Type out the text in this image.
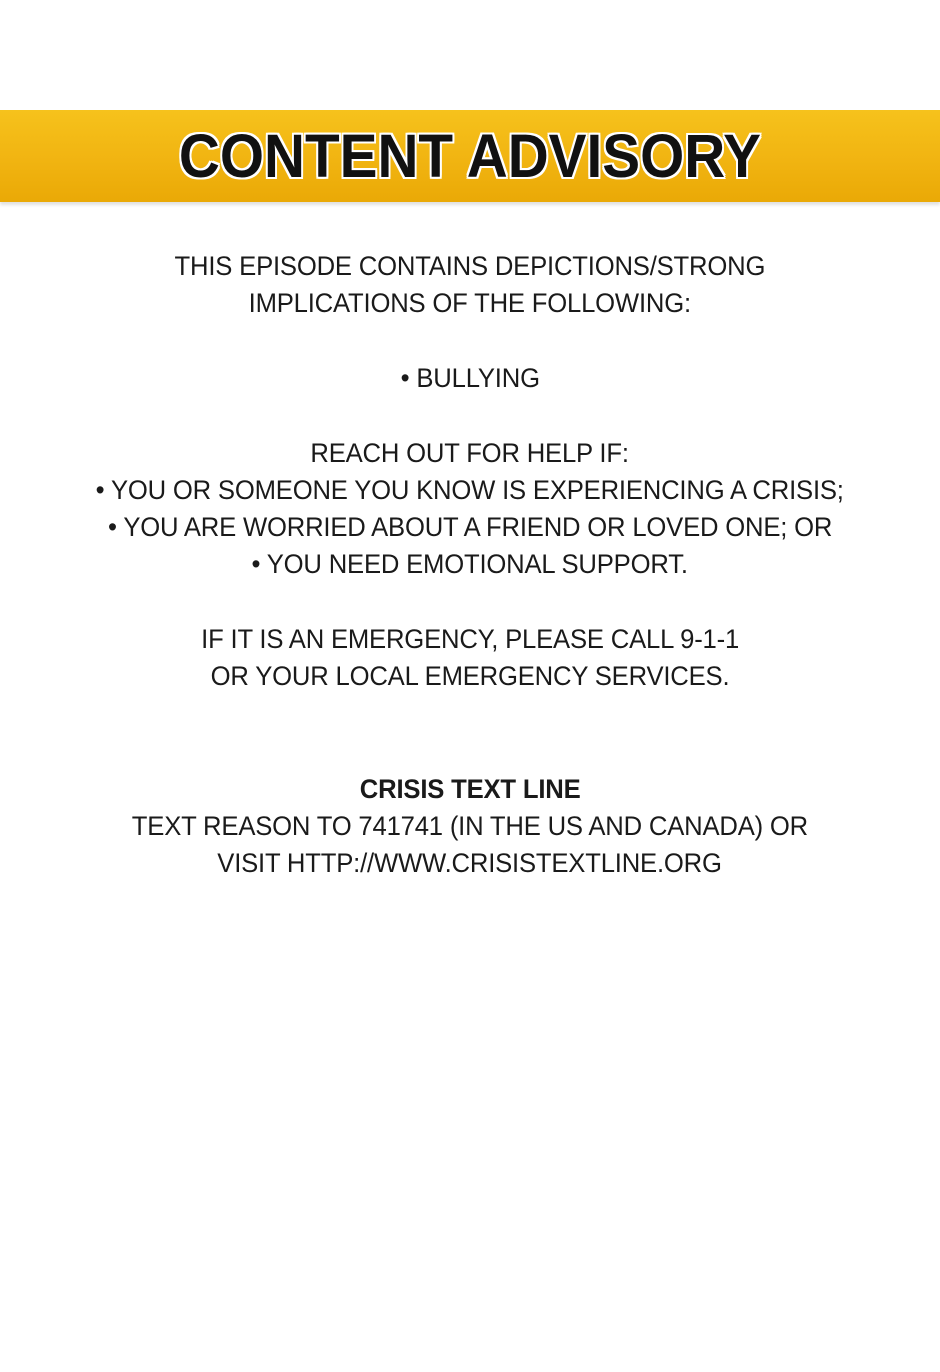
CONTENT ADVISORY
THIS EPISODE CONTAINS DEPICTIONS/STRONG
IMPLICATIONS OF THE FOLLOWING:
• BULLYING
REACH OUT FOR HELP IF:
• YOU OR SOMEONE YOU KNOW IS EXPERIENCING A CRISIS;
• YOU ARE WORRIED ABOUT A FRIEND OR LOVED ONE; OR
• YOU NEED EMOTIONAL SUPPORT.
IF IT IS AN EMERGENCY, PLEASE CALL 9-1-1
OR YOUR LOCAL EMERGENCY SERVICES.
CRISIS TEXT LINE
TEXT REASON TO 741741 (IN THE US AND CANADA) OR
VISIT HTTP://WWW.CRISISTEXTLINE.ORG
